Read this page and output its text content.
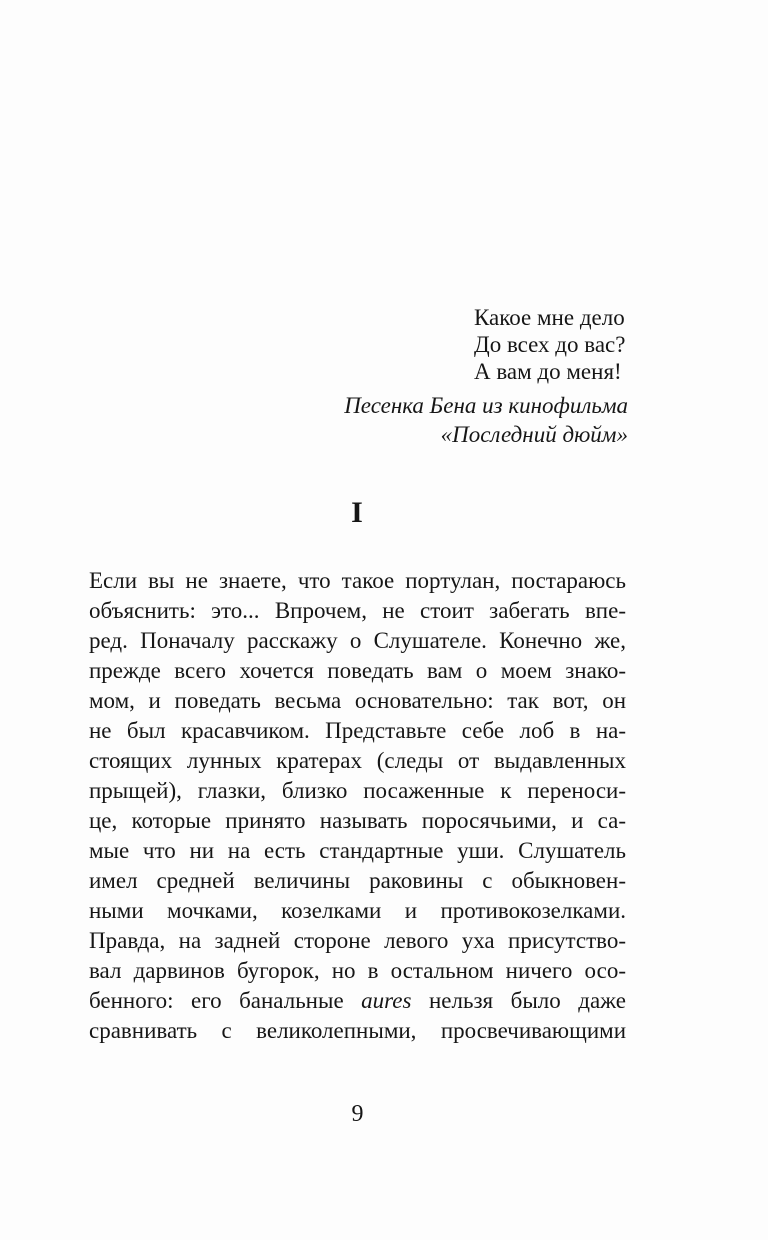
Какое мне дело
До всех до вас?
А вам до меня!
Песенка Бена из кинофильма
«Последний дюйм»
I
Если вы не знаете, что такое портулан, постараюсь
объяснить: это... Впрочем, не стоит забегать впе-
ред. Поначалу расскажу о Слушателе. Конечно же,
прежде всего хочется поведать вам о моем знако-
мом, и поведать весьма основательно: так вот, он
не был красавчиком. Представьте себе лоб в на-
стоящих лунных кратерах (следы от выдавленных
прыщей), глазки, близко посаженные к переноси-
це, которые принято называть поросячьими, и са-
мые что ни на есть стандартные уши. Слушатель
имел средней величины раковины с обыкновен-
ными мочками, козелками и противокозелками.
Правда, на задней стороне левого уха присутство-
вал дарвинов бугорок, но в остальном ничего осо-
бенного: его банальные aures нельзя было даже
сравнивать с великолепными, просвечивающими
9
